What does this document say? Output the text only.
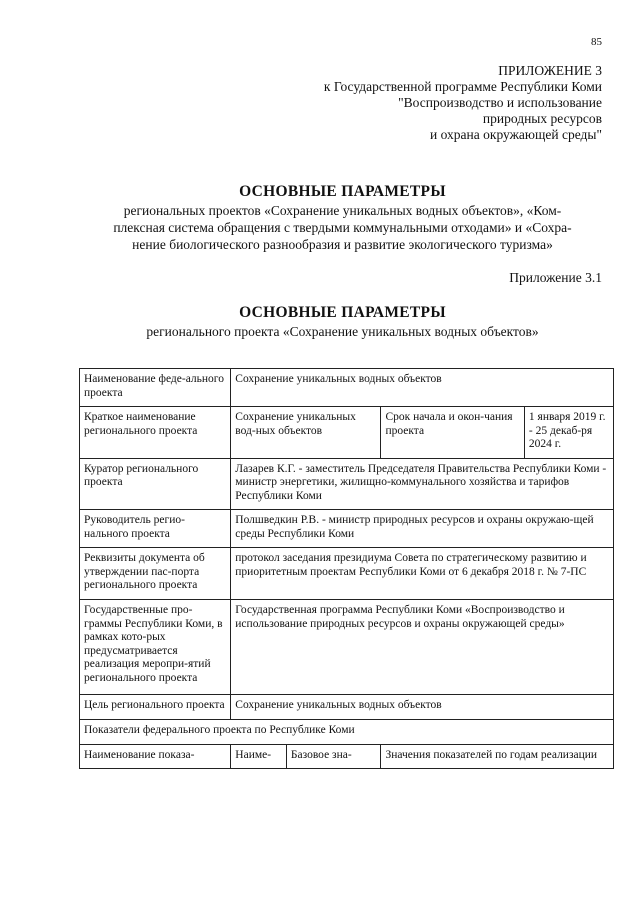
85
ПРИЛОЖЕНИЕ 3
к Государственной программе Республики Коми
"Воспроизводство и использование
природных ресурсов
и охрана окружающей среды"
ОСНОВНЫЕ ПАРАМЕТРЫ
региональных проектов «Сохранение уникальных водных объектов», «Ком-
плексная система обращения с твердыми коммунальными отходами» и «Сохра-
нение биологического разнообразия и развитие экологического туризма»
Приложение 3.1
ОСНОВНЫЕ ПАРАМЕТРЫ
регионального проекта «Сохранение уникальных водных объектов»
Наименование феде-ального проекта	Сохранение уникальных водных объектов			
Краткое наименование регионального проекта	Сохранение уникальных вод-ных объектов		Срок начала и окон-чания проекта	1 января 2019 г. - 25 декаб-ря 2024 г.
Куратор регионального проекта	Лазарев К.Г. - заместитель Председателя Правительства Республики Коми - министр энергетики, жилищно-коммунального хозяйства и тарифов Республики Коми			
Руководитель регио-нального проекта	Полшведкин Р.В. - министр природных ресурсов и охраны окружаю-щей среды Республики Коми			
Реквизиты документа об утверждении пас-порта регионального проекта	протокол заседания президиума Совета по стратегическому развитию и приоритетным проектам Республики Коми от 6 декабря 2018 г. № 7-ПС			
Государственные про-граммы Республики Коми, в рамках кото-рых предусматривается реализация меропри-ятий регионального проекта	Государственная программа Республики Коми «Воспроизводство и использование природных ресурсов и охраны окружающей среды»			
Цель регионального проекта	Сохранение уникальных водных объектов			
Показатели федерального проекта по Республике Коми				
Наименование показа-	Наиме-	Базовое зна-	Значения показателей по годам реализации	
